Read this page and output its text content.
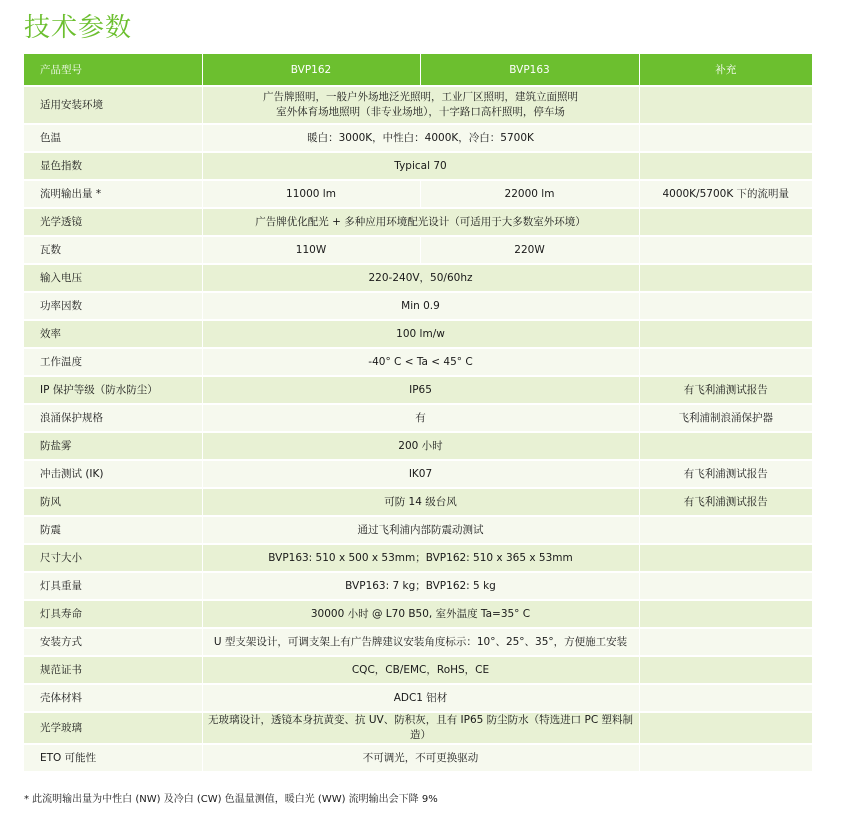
技术参数
产品型号	BVP162	BVP163	补充
适用安装环境	广告牌照明，一般户外场地泛光照明，工业厂区照明，建筑立面照明
室外体育场地照明（非专业场地），十字路口高杆照明，停车场		

色温	暖白：3000K，中性白：4000K，冷白：5700K		
显色指数	Typical 70		
流明输出量 *	11000 lm	22000 lm	4000K/5700K 下的流明量
光学透镜	广告牌优化配光 + 多种应用环境配光设计（可适用于大多数室外环境）		
瓦数	110W	220W	
输入电压	220-240V，50/60hz		
功率因数	Min 0.9		
效率	100 lm/w		
工作温度	-40° C < Ta < 45° C		
IP 保护等级（防水防尘）	IP65		有飞利浦测试报告
浪涌保护规格	有		飞利浦制浪涌保护器
防盐雾	200 小时		
冲击测试 (IK)	IK07		有飞利浦测试报告
防风	可防 14 级台风		有飞利浦测试报告
防震	通过飞利浦内部防震动测试		
尺寸大小	BVP163: 510 x 500 x 53mm；BVP162: 510 x 365 x 53mm		
灯具重量	BVP163: 7 kg；BVP162: 5 kg		
灯具寿命	30000 小时 @ L70 B50, 室外温度 Ta=35° C		
安装方式	U 型支架设计，可调支架上有广告牌建议安装角度标示：10°、25°、35°，方便施工安装		
规范证书	CQC，CB/EMC，RoHS，CE		
壳体材料	ADC1 铝材		
光学玻璃	无玻璃设计，透镜本身抗黄变、抗 UV、防积灰，且有 IP65 防尘防水（特选进口 PC 塑料制造）		
ETO 可能性	不可调光，不可更换驱动		
* 此流明输出量为中性白 (NW) 及冷白 (CW) 色温量测值，暖白光 (WW) 流明输出会下降 9%
